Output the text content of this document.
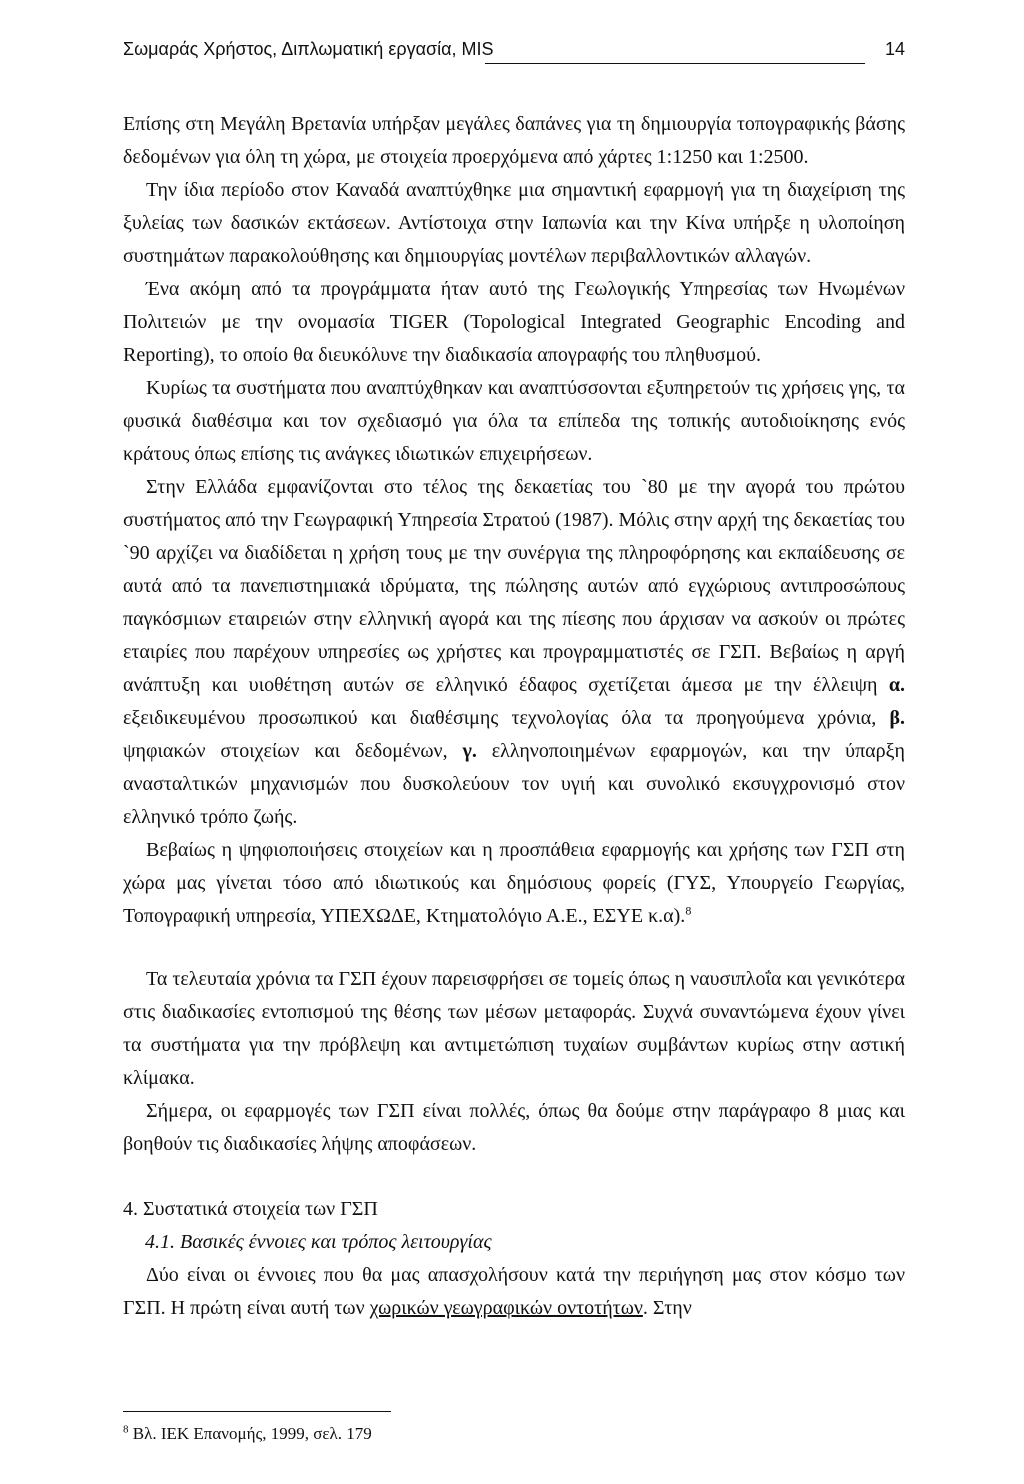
Σωμαράς Χρήστος, Διπλωματική εργασία, MIS	14

Επίσης στη Μεγάλη Βρετανία υπήρξαν μεγάλες δαπάνες για τη δημιουργία τοπογραφικής βάσης δεδομένων για όλη τη χώρα, με στοιχεία προερχόμενα από χάρτες 1:1250 και 1:2500.

Την ίδια περίοδο στον Καναδά αναπτύχθηκε μια σημαντική εφαρμογή για τη διαχείριση της ξυλείας των δασικών εκτάσεων. Αντίστοιχα στην Ιαπωνία και την Κίνα υπήρξε η υλοποίηση συστημάτων παρακολούθησης και δημιουργίας μοντέλων περιβαλλοντικών αλλαγών.

Ένα ακόμη από τα προγράμματα ήταν αυτό της Γεωλογικής Υπηρεσίας των Ηνωμένων Πολιτειών με την ονομασία TIGER (Topological Integrated Geographic Encoding and Reporting), το οποίο θα διευκόλυνε την διαδικασία απογραφής του πληθυσμού.

Κυρίως τα συστήματα που αναπτύχθηκαν και αναπτύσσονται εξυπηρετούν τις χρήσεις γης, τα φυσικά διαθέσιμα και τον σχεδιασμό για όλα τα επίπεδα της τοπικής αυτοδιοίκησης ενός κράτους όπως επίσης τις ανάγκες ιδιωτικών επιχειρήσεων.

Στην Ελλάδα εμφανίζονται στο τέλος της δεκαετίας του `80 με την αγορά του πρώτου συστήματος από την Γεωγραφική Υπηρεσία Στρατού (1987). Μόλις στην αρχή της δεκαετίας του `90 αρχίζει να διαδίδεται η χρήση τους με την συνέργια της πληροφόρησης και εκπαίδευσης σε αυτά από τα πανεπιστημιακά ιδρύματα, της πώλησης αυτών από εγχώριους αντιπροσώπους παγκόσμιων εταιρειών στην ελληνική αγορά και της πίεσης που άρχισαν να ασκούν οι πρώτες εταιρίες που παρέχουν υπηρεσίες ως χρήστες και προγραμματιστές σε ΓΣΠ. Βεβαίως η αργή ανάπτυξη και υιοθέτηση αυτών σε ελληνικό έδαφος σχετίζεται άμεσα με την έλλειψη α. εξειδικευμένου προσωπικού και διαθέσιμης τεχνολογίας όλα τα προηγούμενα χρόνια, β. ψηφιακών στοιχείων και δεδομένων, γ. ελληνοποιημένων εφαρμογών, και την ύπαρξη ανασταλτικών μηχανισμών που δυσκολεύουν τον υγιή και συνολικό εκσυγχρονισμό στον ελληνικό τρόπο ζωής.

Βεβαίως η ψηφιοποιήσεις στοιχείων και η προσπάθεια εφαρμογής και χρήσης των ΓΣΠ στη χώρα μας γίνεται τόσο από ιδιωτικούς και δημόσιους φορείς (ΓΥΣ, Υπουργείο Γεωργίας, Τοπογραφική υπηρεσία, ΥΠΕΧΩΔΕ, Κτηματολόγιο Α.Ε., ΕΣΥΕ κ.α).$^8$

Τα τελευταία χρόνια τα ΓΣΠ έχουν παρεισφρήσει σε τομείς όπως η ναυσιπλοΐα και γενικότερα στις διαδικασίες εντοπισμού της θέσης των μέσων μεταφοράς. Συχνά συναντώμενα έχουν γίνει τα συστήματα για την πρόβλεψη και αντιμετώπιση τυχαίων συμβάντων κυρίως στην αστική κλίμακα.

Σήμερα, οι εφαρμογές των ΓΣΠ είναι πολλές, όπως θα δούμε στην παράγραφο 8 μιας και βοηθούν τις διαδικασίες λήψης αποφάσεων.

4. Συστατικά στοιχεία των ΓΣΠ
4.1. Βασικές έννοιες και τρόπος λειτουργίας

Δύο είναι οι έννοιες που θα μας απασχολήσουν κατά την περιήγηση μας στον κόσμο των ΓΣΠ. Η πρώτη είναι αυτή των χωρικών γεωγραφικών οντοτήτων. Στην

$^8$ Βλ. ΙΕΚ Επανομής, 1999, σελ. 179
